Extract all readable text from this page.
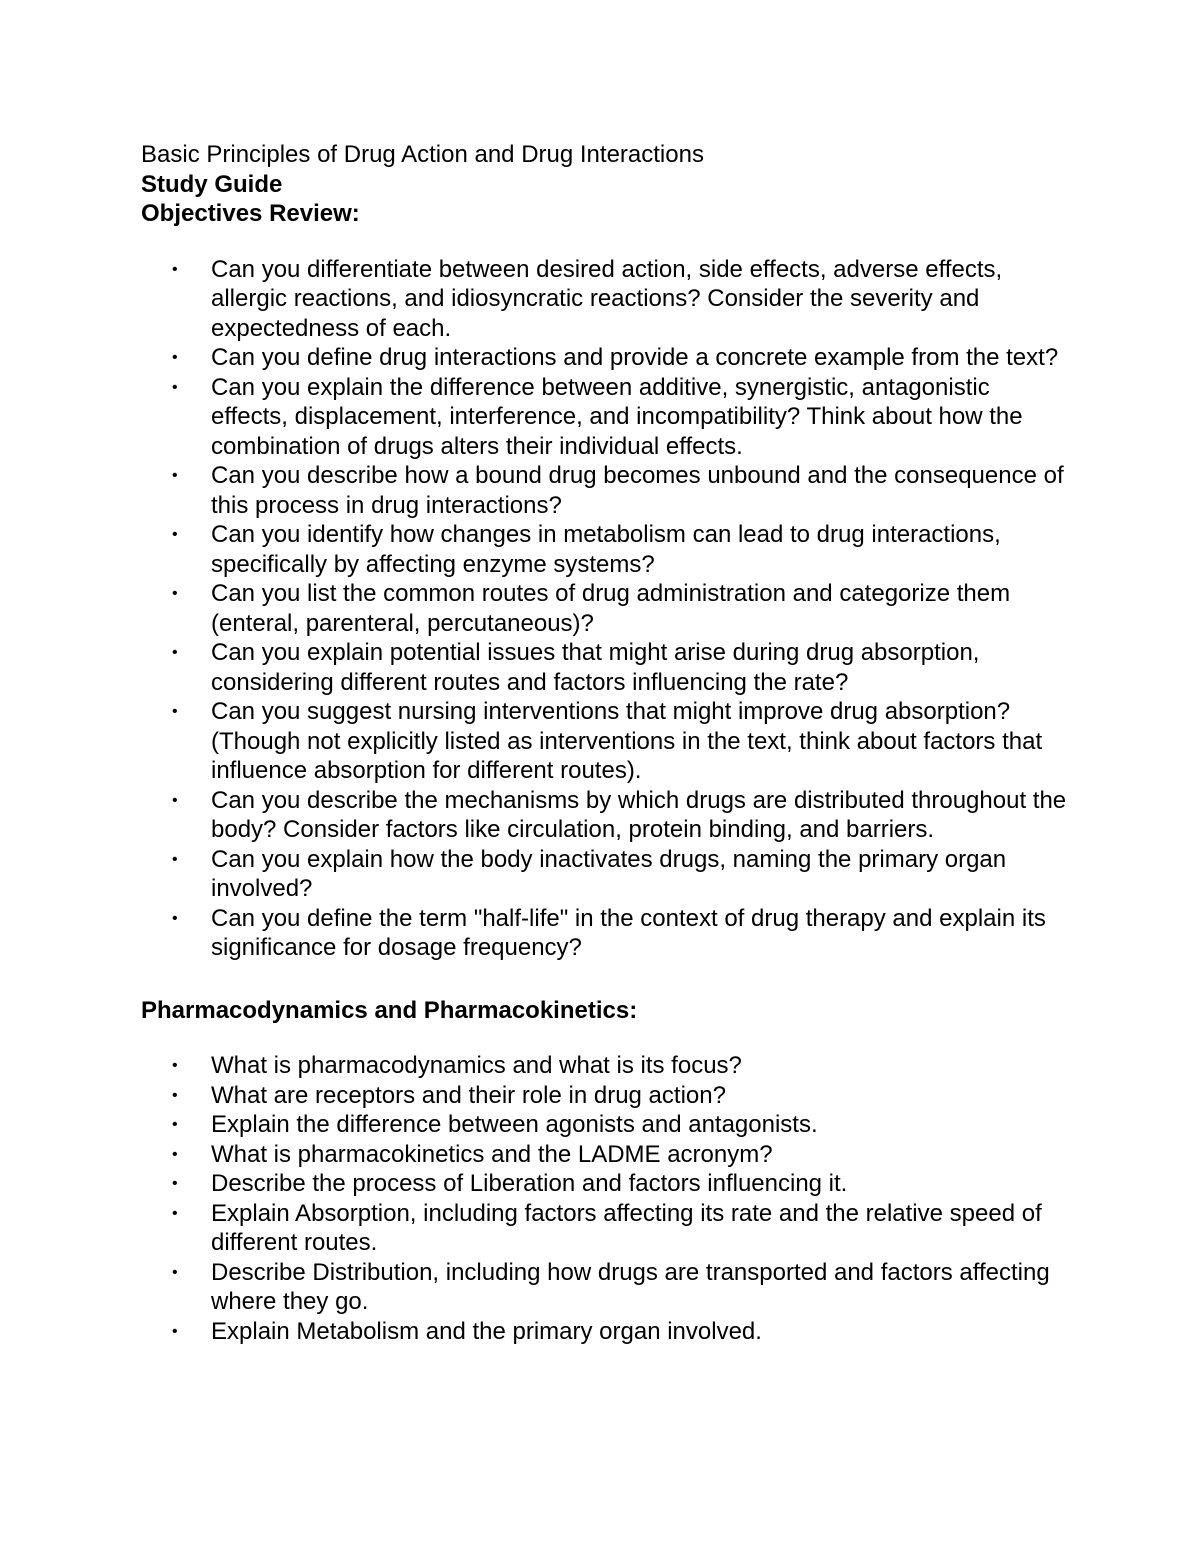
Basic Principles of Drug Action and Drug Interactions

Study Guide

Objectives Review:

• Can you differentiate between desired action, side effects, adverse effects, allergic reactions, and idiosyncratic reactions? Consider the severity and expectedness of each.
• Can you define drug interactions and provide a concrete example from the text?
• Can you explain the difference between additive, synergistic, antagonistic effects, displacement, interference, and incompatibility? Think about how the combination of drugs alters their individual effects.
• Can you describe how a bound drug becomes unbound and the consequence of this process in drug interactions?
• Can you identify how changes in metabolism can lead to drug interactions, specifically by affecting enzyme systems?
• Can you list the common routes of drug administration and categorize them (enteral, parenteral, percutaneous)?
• Can you explain potential issues that might arise during drug absorption, considering different routes and factors influencing the rate?
• Can you suggest nursing interventions that might improve drug absorption? (Though not explicitly listed as interventions in the text, think about factors that influence absorption for different routes).
• Can you describe the mechanisms by which drugs are distributed throughout the body? Consider factors like circulation, protein binding, and barriers.
• Can you explain how the body inactivates drugs, naming the primary organ involved?
• Can you define the term "half-life" in the context of drug therapy and explain its significance for dosage frequency?

Pharmacodynamics and Pharmacokinetics:

• What is pharmacodynamics and what is its focus?
• What are receptors and their role in drug action?
• Explain the difference between agonists and antagonists.
• What is pharmacokinetics and the LADME acronym?
• Describe the process of Liberation and factors influencing it.
• Explain Absorption, including factors affecting its rate and the relative speed of different routes.
• Describe Distribution, including how drugs are transported and factors affecting where they go.
• Explain Metabolism and the primary organ involved.
